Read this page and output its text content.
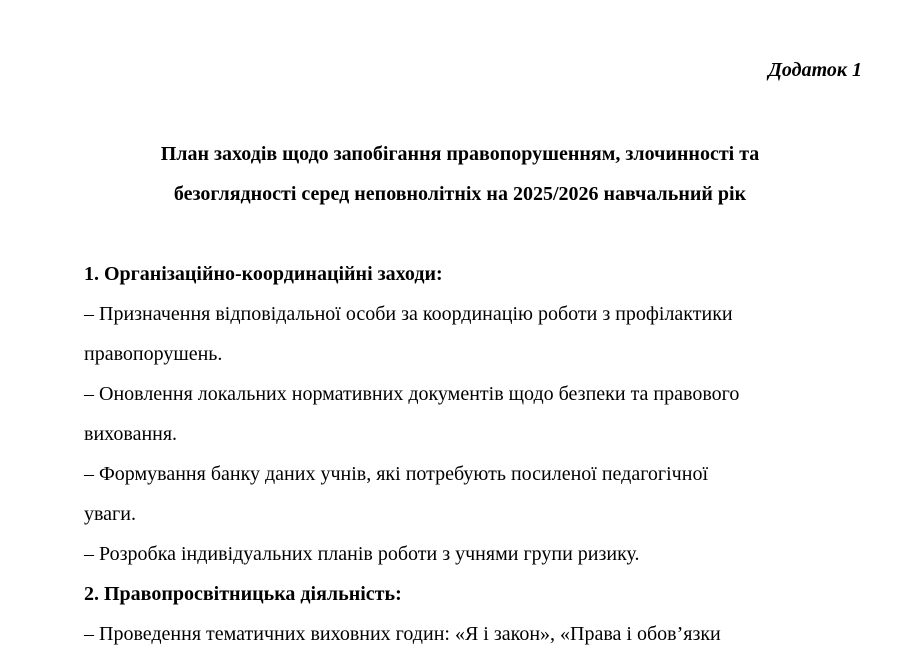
Додаток 1

План заходів щодо запобігання правопорушенням, злочинності та
безоглядності серед неповнолітніх на 2025/2026 навчальний рік

1. Організаційно-координаційні заходи:

– Призначення відповідальної особи за координацію роботи з профілактики

правопорушень.

– Оновлення локальних нормативних документів щодо безпеки та правового

виховання.

– Формування банку даних учнів, які потребують посиленої педагогічної

уваги.

– Розробка індивідуальних планів роботи з учнями групи ризику.

2. Правопросвітницька діяльність:

– Проведення тематичних виховних годин: «Я і закон», «Права і обов’язки
